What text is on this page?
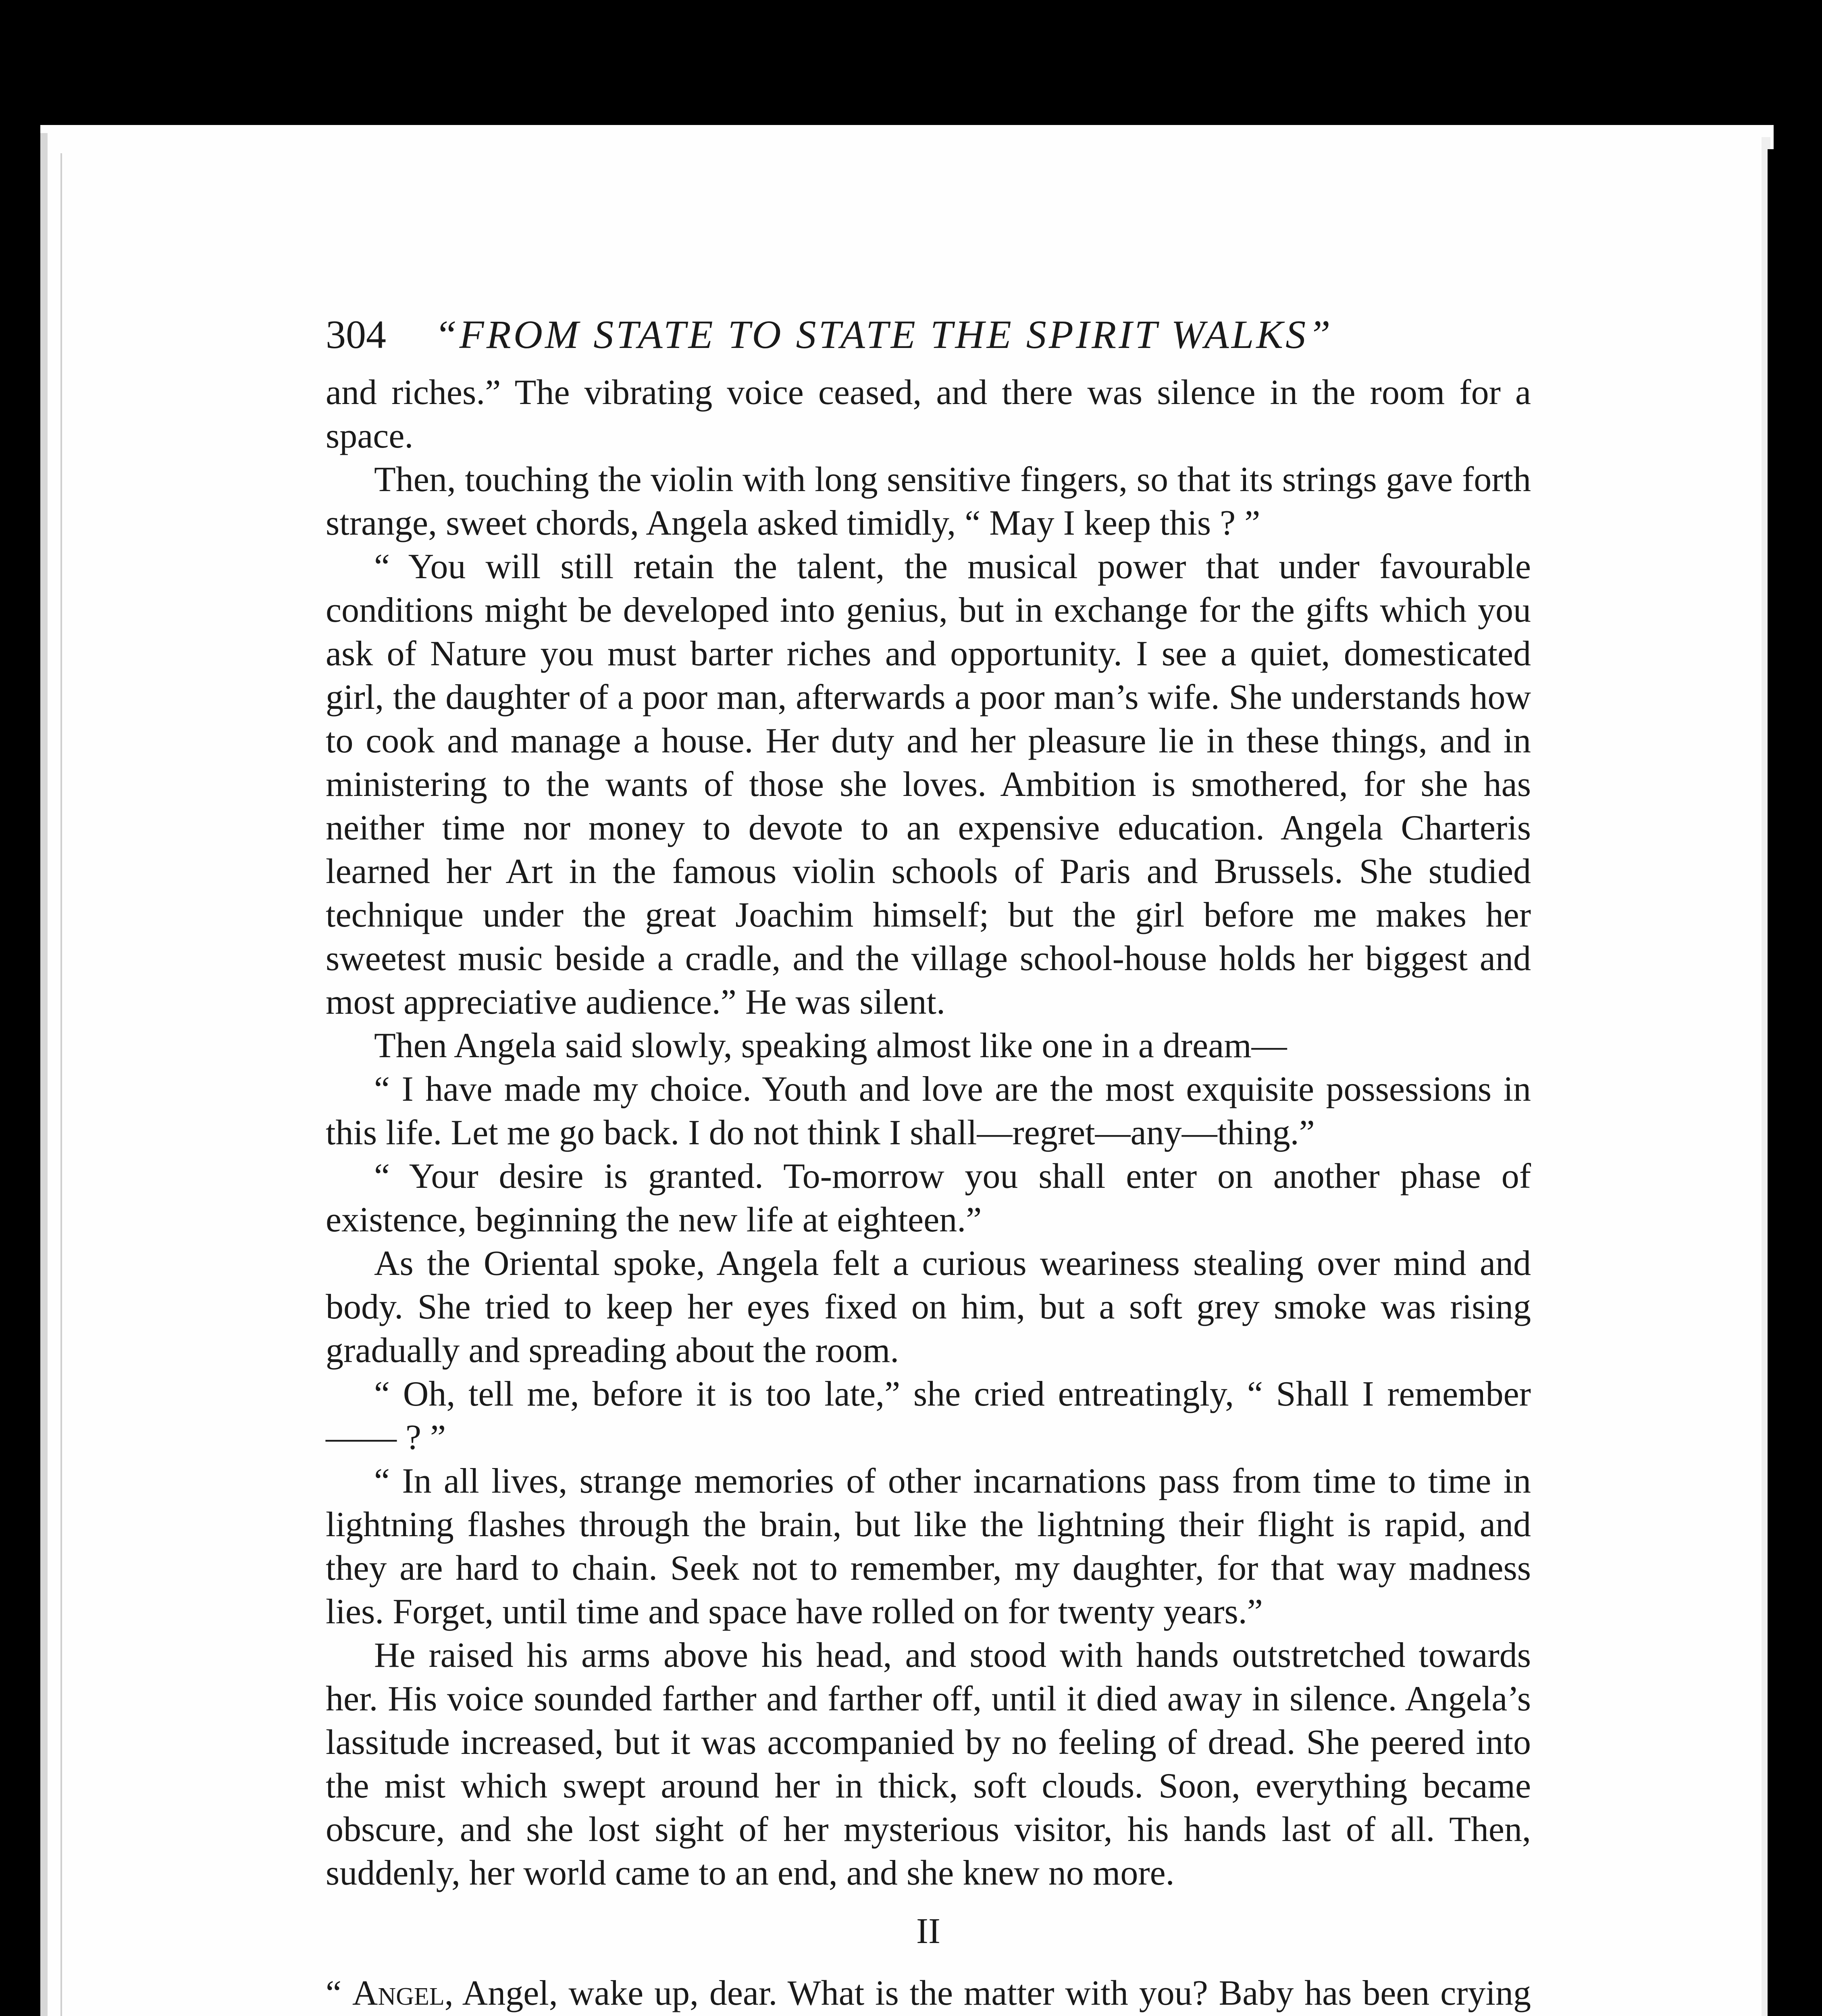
304 “FROM STATE TO STATE THE SPIRIT WALKS”

and riches.” The vibrating voice ceased, and there was silence in the room for a space.

Then, touching the violin with long sensitive fingers, so that its strings gave forth strange, sweet chords, Angela asked timidly, “ May I keep this ? ”

“ You will still retain the talent, the musical power that under favourable conditions might be developed into genius, but in exchange for the gifts which you ask of Nature you must barter riches and opportunity. I see a quiet, domesticated girl, the daughter of a poor man, afterwards a poor man’s wife. She understands how to cook and manage a house. Her duty and her pleasure lie in these things, and in ministering to the wants of those she loves. Ambition is smothered, for she has neither time nor money to devote to an expensive education. Angela Charteris learned her Art in the famous violin schools of Paris and Brussels. She studied technique under the great Joachim himself; but the girl before me makes her sweetest music beside a cradle, and the village school-house holds her biggest and most appreciative audience.” He was silent.

Then Angela said slowly, speaking almost like one in a dream—

“ I have made my choice. Youth and love are the most exquisite possessions in this life. Let me go back. I do not think I shall—regret—any—thing.”

“ Your desire is granted. To-morrow you shall enter on another phase of existence, beginning the new life at eighteen.”

As the Oriental spoke, Angela felt a curious weariness stealing over mind and body. She tried to keep her eyes fixed on him, but a soft grey smoke was rising gradually and spreading about the room.

“ Oh, tell me, before it is too late,” she cried entreatingly, “ Shall I remember—— ? ”

“ In all lives, strange memories of other incarnations pass from time to time in lightning flashes through the brain, but like the lightning their flight is rapid, and they are hard to chain. Seek not to remember, my daughter, for that way madness lies. Forget, until time and space have rolled on for twenty years.”

He raised his arms above his head, and stood with hands outstretched towards her. His voice sounded farther and farther off, until it died away in silence. Angela’s lassitude increased, but it was accompanied by no feeling of dread. She peered into the mist which swept around her in thick, soft clouds. Soon, everything became obscure, and she lost sight of her mysterious visitor, his hands last of all. Then, suddenly, her world came to an end, and she knew no more.

II

“ Angel, Angel, wake up, dear. What is the matter with you? Baby has been crying
